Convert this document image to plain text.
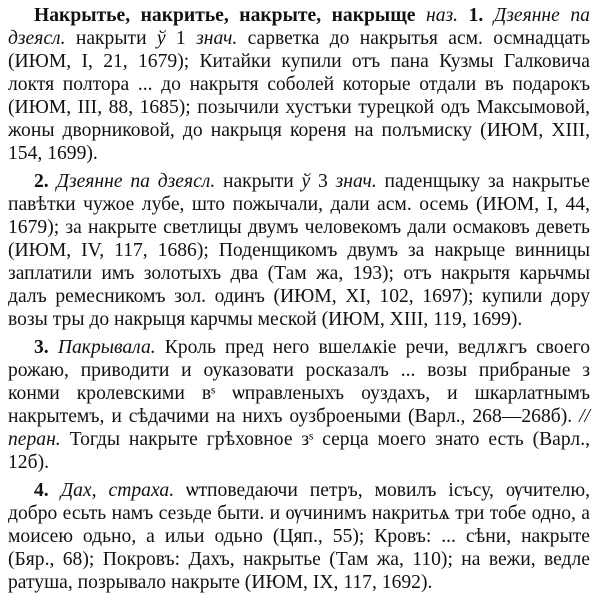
Накрытье, накритье, накрыте, накрыще наз. 1. Дзеянне па дзеясл. накрыти ў 1 знач. сарветка до накрытья асм. осмнадцать (ИЮМ, I, 21, 1679); Китайки купили отъ пана Кузмы Галковича локтя полтора ... до накрытя соболей которые отдали въ подарокъ (ИЮМ, III, 88, 1685); позычили хустъки турецкой одъ Максымовой, жоны дворниковой, до накрыця кореня на полъмиску (ИЮМ, XIII, 154, 1699).

2. Дзеянне па дзеясл. накрыти ў 3 знач. паденщыку за накрытье павѣтки чужое лубе, што пожычали, дали асм. осемь (ИЮМ, I, 44, 1679); за накрыте светлицы двумъ человекомъ дали осмаковъ деветь (ИЮМ, IV, 117, 1686); Поденщикомъ двумъ за накрыце винницы заплатили имъ золотыхъ два (Там жа, 193); отъ накрытя карьчмы далъ ремесникомъ зол. одинъ (ИЮМ, XI, 102, 1697); купили дору возы тры до накрыця карчмы меской (ИЮМ, XIII, 119, 1699).

3. Пакрывала. Кроль пред него вшелѧкіе речи, ведлѫгъ своего рожаю, приводити и оуказовати росказалъ ... возы прибраные з конми кролевскими вˢ ѡправленыхъ оуздахъ, и шкарлатнымъ накрытемъ, и сѣдачими на нихъ оузброеными (Варл., 268—268б). // перан. Тогды накрыте грѣховное зˢ серца моего знато есть (Варл., 12б).

4. Дах, страха. ѡтповедаючи петръ, мовилъ ісъсу, ѹчителю, добро есьть намъ сезьде быти. и ѹчинимъ накритьѧ три тобе одно, а моисею одьно, а ильи одьно (Цяп., 55); Кровъ: ... сѣни, накрыте (Бяр., 68); Покровъ: Дахъ, накрытье (Там жа, 110); на вежи, ведле ратуша, позрывало накрыте (ИЮМ, IX, 117, 1692).
